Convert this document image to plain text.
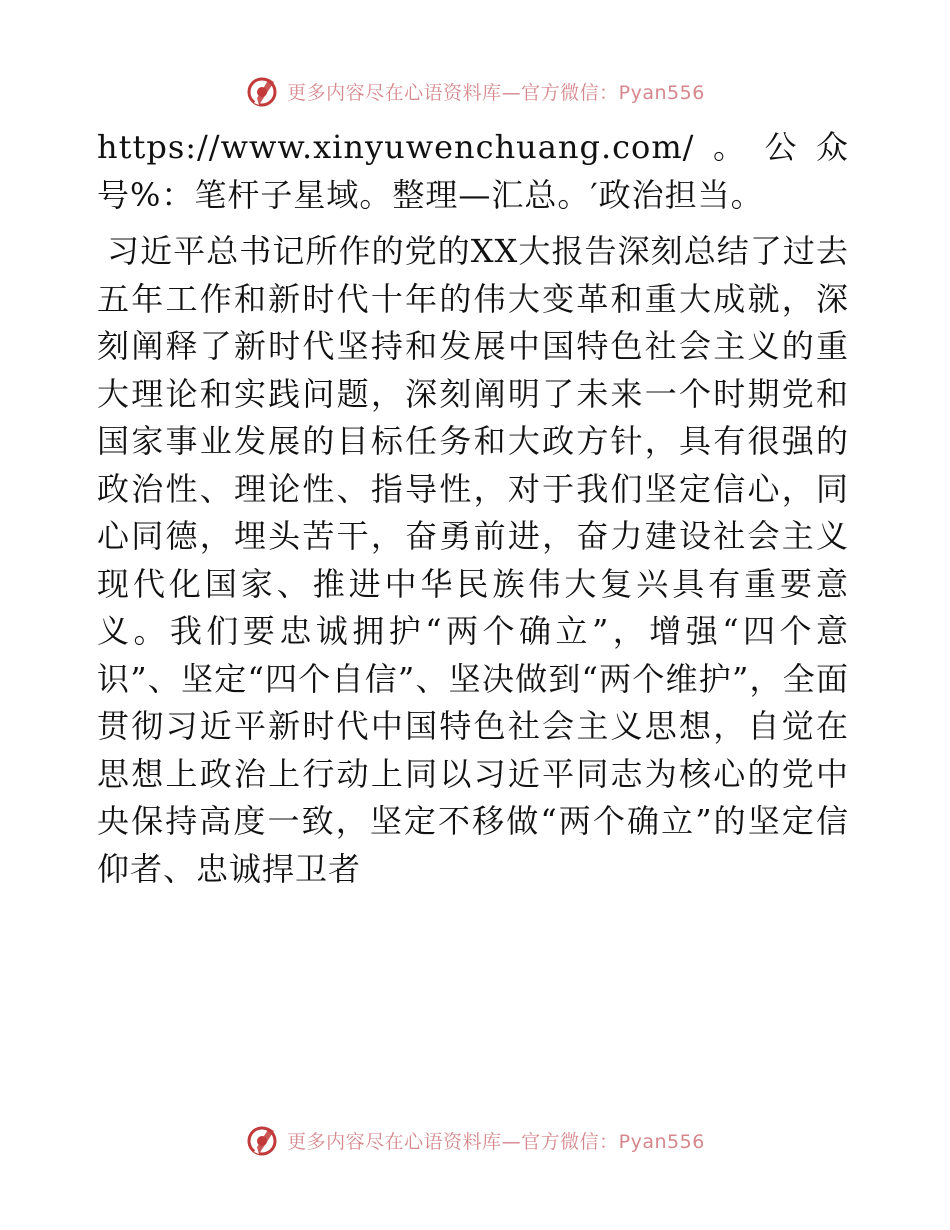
更多内容尽在心语资料库—官方微信：Pyan556

https://www.xinyuwenchuang.com/。公众号%：笔杆子星域。整理—汇总。′政治担当。

习近平总书记所作的党的XX大报告深刻总结了过去五年工作和新时代十年的伟大变革和重大成就，深刻阐释了新时代坚持和发展中国特色社会主义的重大理论和实践问题，深刻阐明了未来一个时期党和国家事业发展的目标任务和大政方针，具有很强的政治性、理论性、指导性，对于我们坚定信心，同心同德，埋头苦干，奋勇前进，奋力建设社会主义现代化国家、推进中华民族伟大复兴具有重要意义。我们要忠诚拥护“两个确立”，增强“四个意识”、坚定“四个自信”、坚决做到“两个维护”，全面贯彻习近平新时代中国特色社会主义思想，自觉在思想上政治上行动上同以习近平同志为核心的党中央保持高度一致，坚定不移做“两个确立”的坚定信仰者、忠诚捍卫者

更多内容尽在心语资料库—官方微信：Pyan556
